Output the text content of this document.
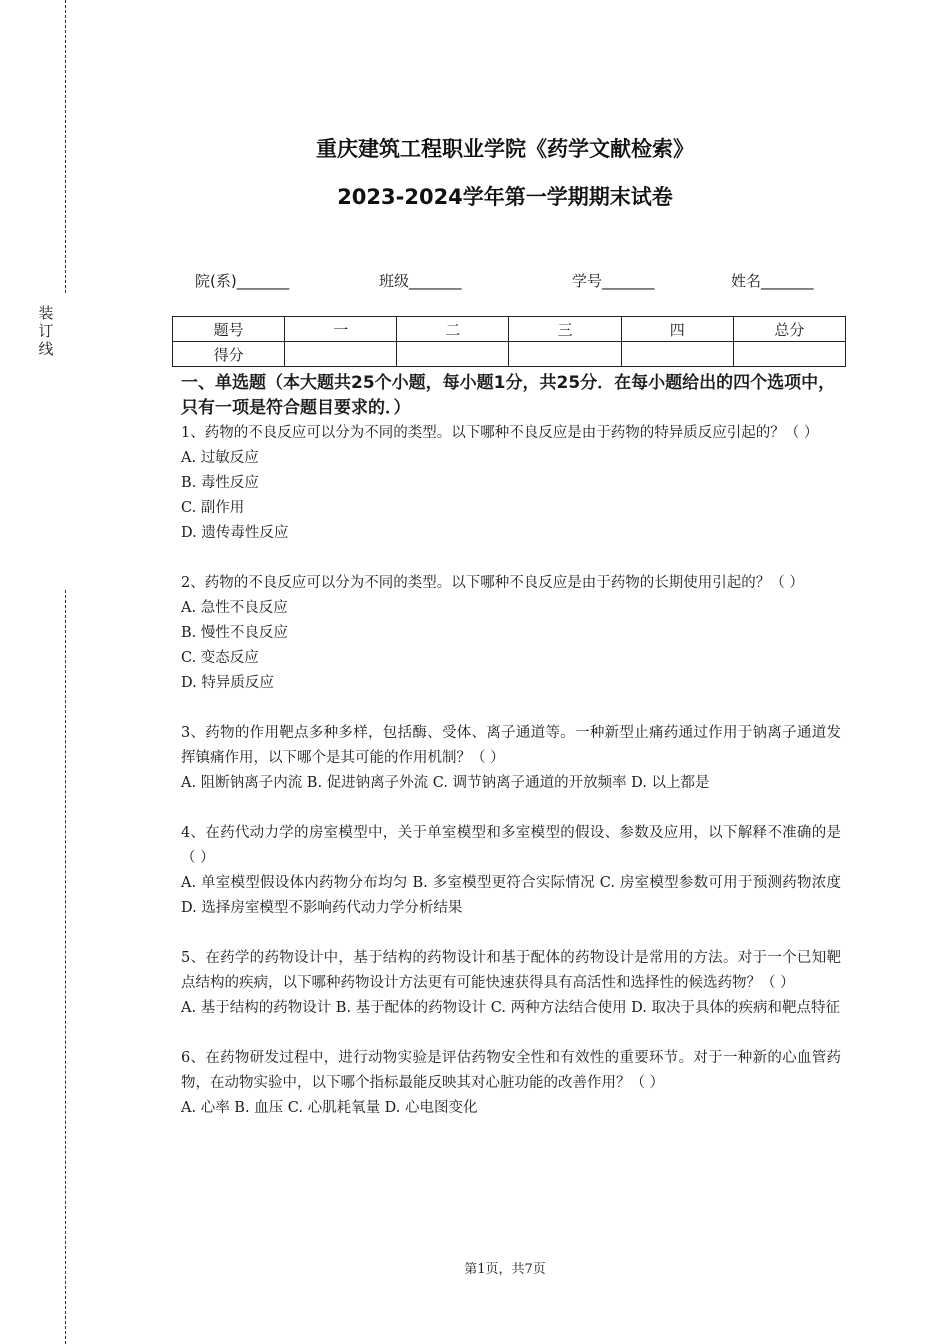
装
订
线
重庆建筑工程职业学院《药学文献检索》
2023-2024学年第一学期期末试卷
院(系)_______	班级_______	学号_______	姓名_______
题号	一	二	三	四	总分
得分					

一、单选题（本大题共25个小题，每小题1分，共25分．在每小题给出的四个选项中，只有一项是符合题目要求的．）

1、药物的不良反应可以分为不同的类型。以下哪种不良反应是由于药物的特异质反应引起的？（ ）

A. 过敏反应

B. 毒性反应

C. 副作用

D. 遗传毒性反应

2、药物的不良反应可以分为不同的类型。以下哪种不良反应是由于药物的长期使用引起的？（ ）

A. 急性不良反应

B. 慢性不良反应

C. 变态反应

D. 特异质反应

3、药物的作用靶点多种多样，包括酶、受体、离子通道等。一种新型止痛药通过作用于钠离子通道发挥镇痛作用，以下哪个是其可能的作用机制？（ ）

A. 阻断钠离子内流 B. 促进钠离子外流 C. 调节钠离子通道的开放频率 D. 以上都是

4、在药代动力学的房室模型中，关于单室模型和多室模型的假设、参数及应用，以下解释不准确的是（ ）

A. 单室模型假设体内药物分布均匀 B. 多室模型更符合实际情况 C. 房室模型参数可用于预测药物浓度 D. 选择房室模型不影响药代动力学分析结果

5、在药学的药物设计中，基于结构的药物设计和基于配体的药物设计是常用的方法。对于一个已知靶点结构的疾病，以下哪种药物设计方法更有可能快速获得具有高活性和选择性的候选药物？（ ）

A. 基于结构的药物设计 B. 基于配体的药物设计 C. 两种方法结合使用 D. 取决于具体的疾病和靶点特征

6、在药物研发过程中，进行动物实验是评估药物安全性和有效性的重要环节。对于一种新的心血管药物，在动物实验中，以下哪个指标最能反映其对心脏功能的改善作用？（ ）

A. 心率 B. 血压 C. 心肌耗氧量 D. 心电图变化

第1页，共7页
